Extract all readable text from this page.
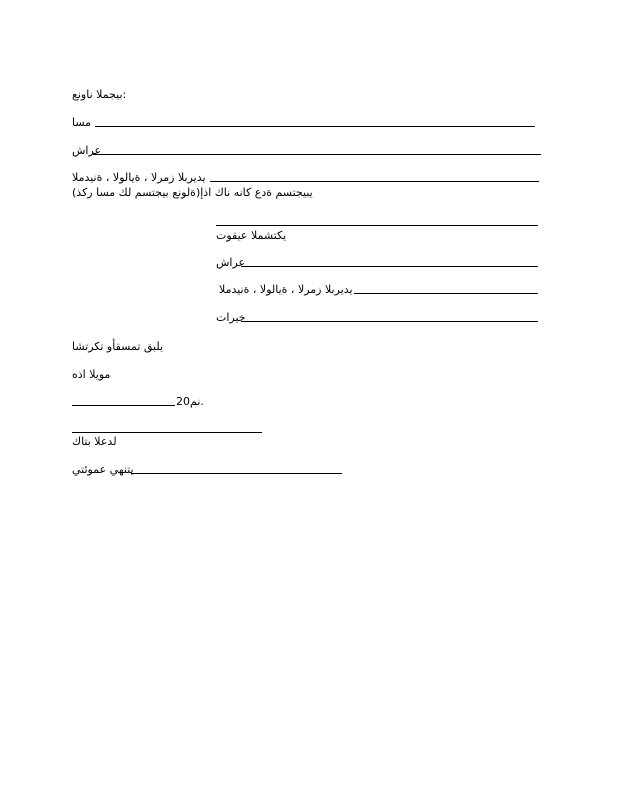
بيجملا ناونع:
مسا
عراش
يديربلا زمرلا ، ةيالولا ، ةنيدملا
(ةلونع بيجتسم لك مسا ركذ)يبيجتسم ةدع كانه ناك اذإ
يكتشملا عيقوت
عراش
يديربلا زمرلا ، ةيالولا ، ةنيدملا
خيرات
يلبق تمسقأو تكرتشا
مويلا اذه
نم20.
لدعلا بتاك
يتنهي عموئتي
